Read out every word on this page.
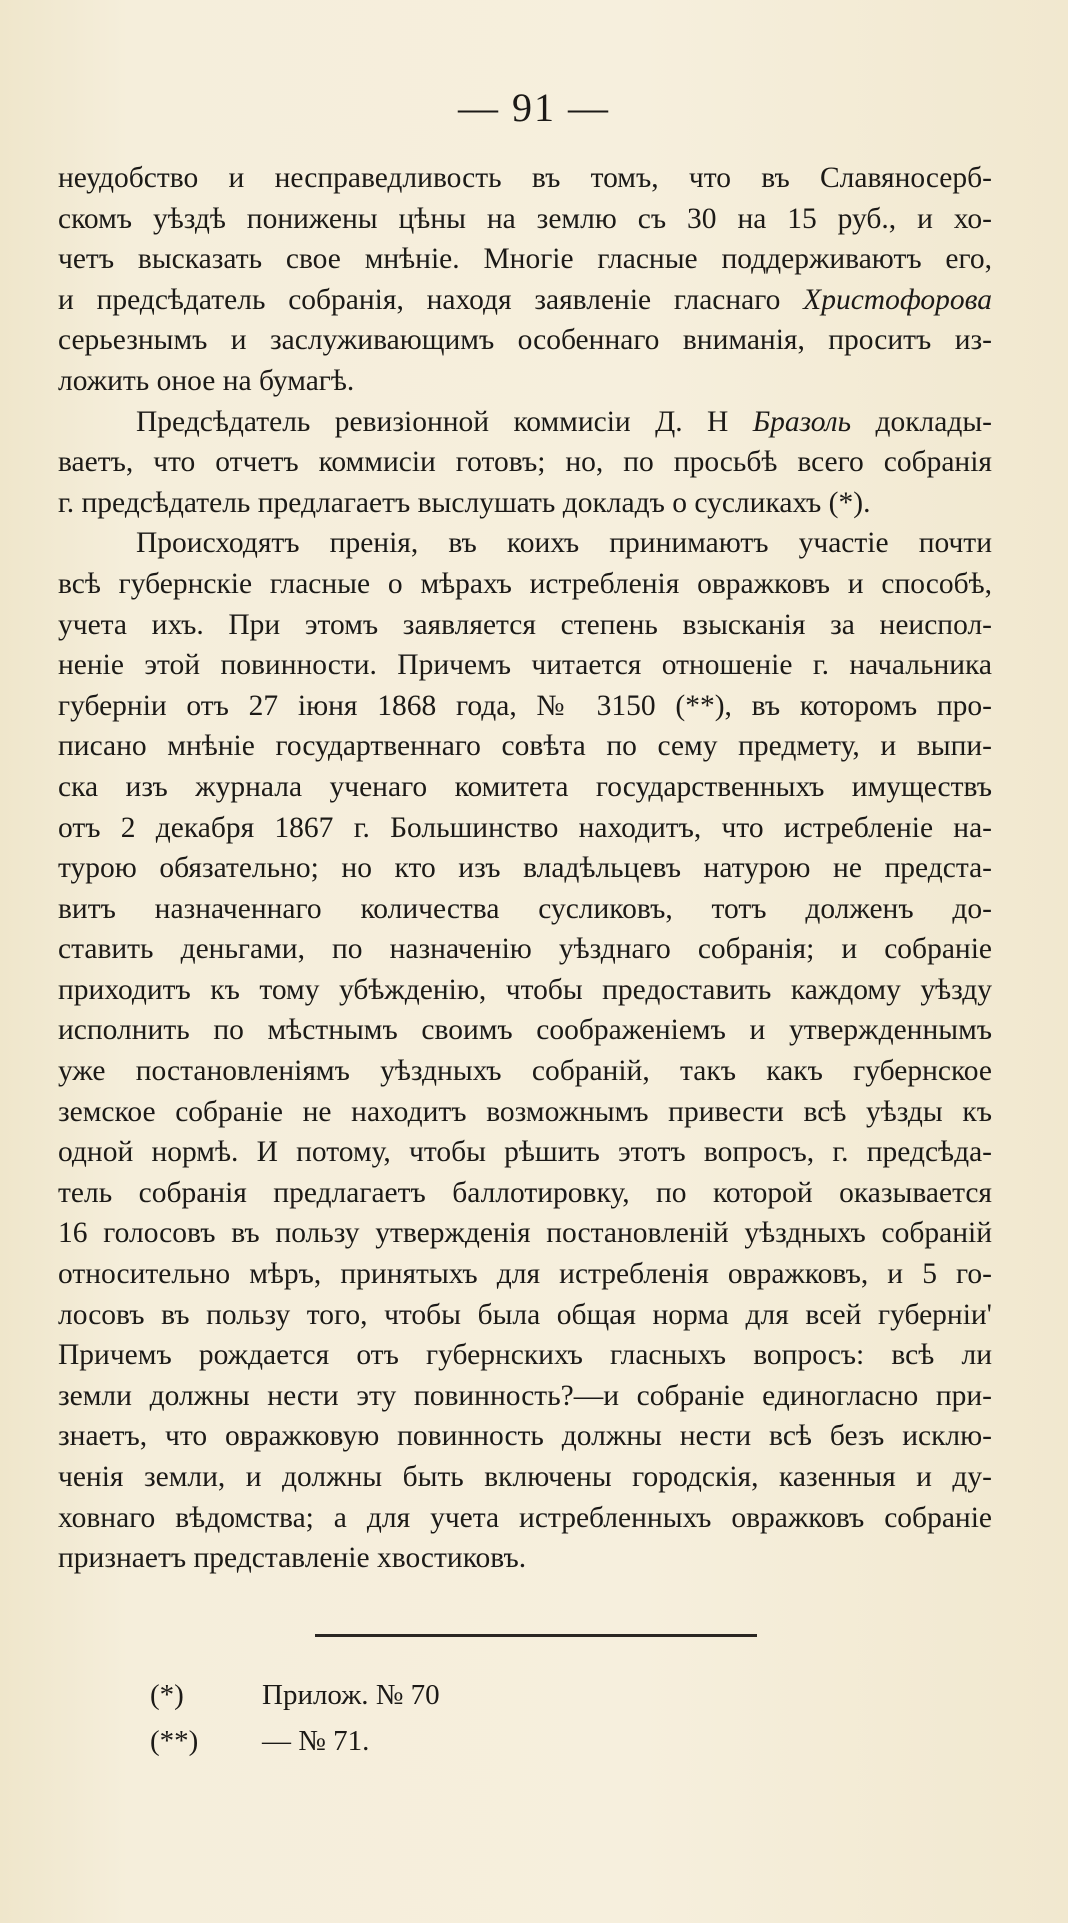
— 91 —
неудобство и несправедливость въ томъ, что въ Славяносерб-
скомъ уѣздѣ понижены цѣны на землю съ 30 на 15 руб., и хо-
четъ высказать свое мнѣніе. Многіе гласные поддерживаютъ его,
и предсѣдатель собранія, находя заявленіе гласнаго Христофорова
серьезнымъ и заслуживающимъ особеннаго вниманія, проситъ из-
ложить оное на бумагѣ.
Предсѣдатель ревизіонной коммисіи Д. Н Бразоль доклады-
ваетъ, что отчетъ коммисіи готовъ; но, по просьбѣ всего собранія
г. предсѣдатель предлагаетъ выслушать докладъ о сусликахъ (*).
Происходятъ пренія, въ коихъ принимаютъ участіе почти
всѣ губернскіе гласные о мѣрахъ истребленія овражковъ и способѣ,
учета ихъ. При этомъ заявляется степень взысканія за неиспол-
неніе этой повинности. Причемъ читается отношеніе г. начальника
губерніи отъ 27 іюня 1868 года, № 3150 (**), въ которомъ про-
писано мнѣніе государтвеннаго совѣта по сему предмету, и выпи-
ска изъ журнала ученаго комитета государственныхъ имуществъ
отъ 2 декабря 1867 г. Большинство находитъ, что истребленіе на-
турою обязательно; но кто изъ владѣльцевъ натурою не предста-
витъ назначеннаго количества сусликовъ, тотъ долженъ до-
ставить деньгами, по назначенію уѣзднаго собранія; и собраніе
приходитъ къ тому убѣжденію, чтобы предоставить каждому уѣзду
исполнить по мѣстнымъ своимъ соображеніемъ и утвержденнымъ
уже постановленіямъ уѣздныхъ собраній, такъ какъ губернское
земское собраніе не находитъ возможнымъ привести всѣ уѣзды къ
одной нормѣ. И потому, чтобы рѣшить этотъ вопросъ, г. предсѣда-
тель собранія предлагаетъ баллотировку, по которой оказывается
16 голосовъ въ пользу утвержденія постановленій уѣздныхъ собраній
относительно мѣръ, принятыхъ для истребленія овражковъ, и 5 го-
лосовъ въ пользу того, чтобы была общая норма для всей губерніи'
Причемъ рождается отъ губернскихъ гласныхъ вопросъ: всѣ ли
земли должны нести эту повинность?—и собраніе единогласно при-
знаетъ, что овражковую повинность должны нести всѣ безъ исклю-
ченія земли, и должны быть включены городскія, казенныя и ду-
ховнаго вѣдомства; а для учета истребленныхъ овражковъ собраніе
признаетъ представленіе хвостиковъ.
(*)	Прилож. № 70
(**)	— № 71.
